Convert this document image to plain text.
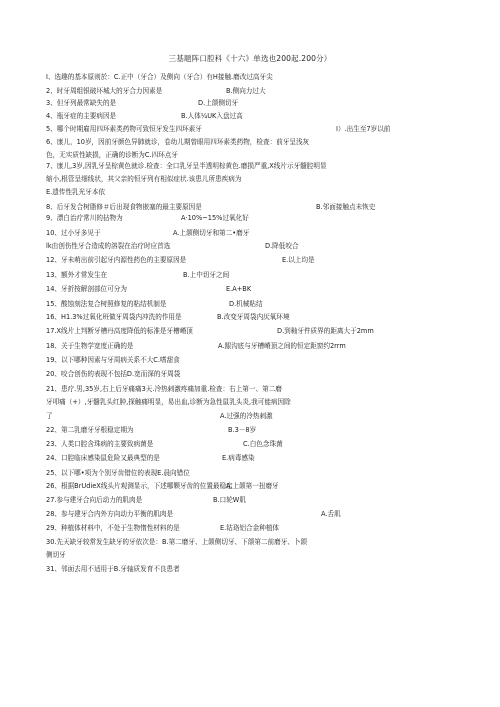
三基题阵口腔科《十六》单选也200起.200分）
I、选趣的基本原则於：C.正中（牙合）及侧向（牙合）有H接触.磨改过高牙尖
2、时牙周组银破坏城大的牙合力因素是	B.侧向力过大
3、但牙列最常缺失的是	D.上颌侧切牙
4、瓶牙症的主要病因是	B.人体¼UK入盘过高
5、哪个时期雇用四环素类药物可致恒牙发生四环素牙	I）.出生至7岁以前
6、康儿，10岁，因前牙颜色异肺就诊，卷幼儿期曾眼用四环素类药物，检查：前牙呈浅灰
色，无实质性缺损，正确的诊断为C.四环点牙
7、康儿,3岁,因乳牙呈棕黄色就诊.检查：全口乳牙呈半透明棕黄色.磨损严重,X线片示牙髓腔明显
缩小,根管呈细线状，其父亲的恒牙列有相似症状.该患儿所患疾病为
E.遗传性乳光牙本依
8、后牙发合树脂修＃后出现食物嵌塞的最主要原因是	B.邻面接触点未恢史
9、漂白治疗常川的拈物为	A·10%~15%过氧化好
10、过小牙多见于	A.上颌侧切牙和第二•磨牙
lk由创伤性牙合造成的溶裂在治疗时应首选	D.降低咬合
12、牙未萌出前引起牙内源性药色的主要原因是	E.以上均是
13、额外才常发生在	B.上中切牙之间
14、牙折按解剖部位可分为	E.A+BK
15、酸蚀刻法复合树照修复的粘结机制是	D.机械粘结
16、H1.3%过氧化班做牙周袋内冲洗的作用是	B.改变牙周袋内厌氧环境
17.X线片上判断牙槽丹高度降低的标准是牙槽嵴顶	D.到釉牙件质界的距离大于2mm
18、关于生物学宽度正确的是	A.龈沟底与牙槽嵴顶之间的恒定距窗约2rrm
19、以下哪种因素与牙周病关系不大C.嗜甜食
20、咬合创伤的表现不包括D.宽而深的牙周袋
21、患疗.男,35岁,右上后牙痛痛3天.冷热刺激疼痛加重.检查：右上第一、第二磨
牙叩痛（+）,牙髓乳头红肿,探触痛明显，易出血,诊断为急性鼠乳头炎,我可能病因除
了	A.过强的冷热刺激
22、第二乳磨牙牙根稳定期为	B.3－8岁
23、人类口腔含珠病的主要致病菌是	C.白色念珠菌
24、口腔临床感染鼠危险又最典型的是	E.病毒感染
25、以下哪•项为个别牙齿错位的表现E.晨向错位
26、根据BrUdieX线头片观测显示，下述哪颗牙齿的位置最稳定
A.上颌第一扭磨牙
27.参与建牙合向后动力的肌肉是	B.口轮W肌
28、参与建牙合内外方向动力平衡的肌肉是	A.舌肌
29、种植体材料中，不处于生物惰性材料的是	E.钴珞铝合金种植体
30.先天缺牙较常发生缺牙的牙依次是：B.第二磨牙、上颌侧切牙、下颌第二前磨牙、卜颌
侧切牙
31、邻面去用不适用于B.牙轴质发育不良患者
